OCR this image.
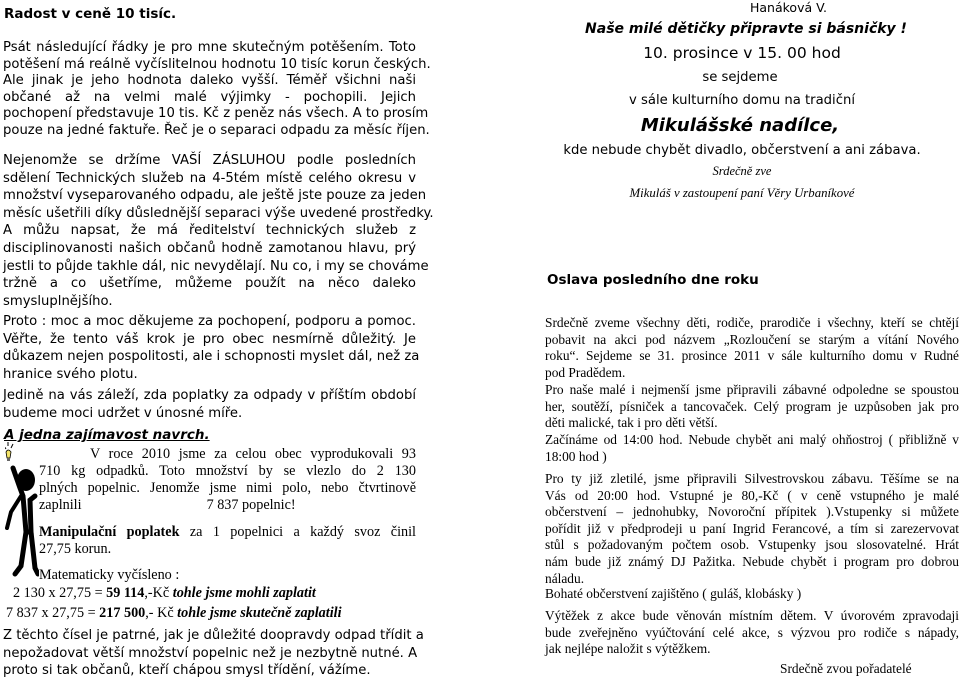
Radost v ceně 10 tisíc.
Psát následující řádky je pro mne skutečným potěšením. Toto
potěšení má reálně vyčíslitelnou hodnotu 10 tisíc korun českých.
Ale jinak je jeho hodnota daleko vyšší. Téměř všichni naši
občané až na velmi malé výjimky - pochopili. Jejich
pochopení představuje 10 tis. Kč z peněz nás všech. A to prosím
pouze na jedné faktuře. Řeč je o separaci odpadu za měsíc říjen.
Nejenomže se držíme VAŠÍ ZÁSLUHOU podle posledních
sdělení Technických služeb na 4-5tém místě celého okresu v
množství vyseparovaného odpadu, ale ještě jste pouze za jeden
měsíc ušetřili díky důslednější separaci výše uvedené prostředky.
A můžu napsat, že má ředitelství technických služeb z
disciplinovanosti našich občanů hodně zamotanou hlavu, prý
jestli to půjde takhle dál, nic nevydělají. Nu co, i my se chováme
tržně a co ušetříme, můžeme použít na něco daleko
smysluplnějšího.
Proto : moc a moc děkujeme za pochopení, podporu a pomoc.
Věřte, že tento váš krok je pro obec nesmírně důležitý. Je
důkazem nejen pospolitosti, ale i schopnosti myslet dál, než za
hranice svého plotu.
Jedině na vás záleží, zda poplatky za odpady v příštím období
budeme moci udržet v únosné míře.
A jedna zajímavost navrch.
V roce 2010 jsme za celou obec vyprodukovali 93
710 kg odpadků. Toto množství by se vlezlo do 2 130
plných popelnic. Jenomže jsme nimi polo, nebo čtvrtinově
zaplnili	7 837 popelnic!
Manipulační poplatek za 1 popelnici a každý svoz činil
27,75 korun.
Matematicky vyčísleno :
2 130 x 27,75 = 59 114,-Kč tohle jsme mohli zaplatit
7 837 x 27,75 = 217 500,- Kč tohle jsme skutečně zaplatili
Z těchto čísel je patrné, jak je důležité doopravdy odpad třídit a
nepožadovat větší množství popelnic než je nezbytně nutné. A
proto si tak občanů, kteří chápou smysl třídění, vážíme.
Hanáková V.
Naše milé dětičky připravte si básničky !
10. prosince v 15. 00 hod
se sejdeme
v sále kulturního domu na tradiční
Mikulášské nadílce,
kde nebude chybět divadlo, občerstvení a ani zábava.
Srdečně zve
Mikuláš v zastoupení paní Věry Urbaníkové
Oslava posledního dne roku
Srdečně zveme všechny děti, rodiče, prarodiče i všechny, kteří se chtějí
pobavit na akci pod názvem „Rozloučení se starým a vítání Nového
roku“. Sejdeme se 31. prosince 2011 v sále kulturního domu v Rudné
pod Pradědem.
Pro naše malé i nejmenší jsme připravili zábavné odpoledne se spoustou
her, soutěží, písniček a tancovaček. Celý program je uzpůsoben jak pro
děti malické, tak i pro děti větší.
Začínáme od 14:00 hod. Nebude chybět ani malý ohňostroj ( přibližně v
18:00 hod )
Pro ty již zletilé, jsme připravili Silvestrovskou zábavu. Těšíme se na
Vás od 20:00 hod. Vstupné je 80,-Kč ( v ceně vstupného je malé
občerstvení – jednohubky, Novoroční přípitek ).Vstupenky si můžete
pořídit již v předprodeji u paní Ingrid Ferancové, a tím si zarezervovat
stůl s požadovaným počtem osob. Vstupenky jsou slosovatelné. Hrát
nám bude již známý DJ Pažitka. Nebude chybět i program pro dobrou
náladu.
Bohaté občerstvení zajištěno ( guláš, klobásky )
Výtěžek z akce bude věnován místním dětem. V úvorovém zpravodaji
bude zveřejněno vyúčtování celé akce, s výzvou pro rodiče s nápady,
jak nejlépe naložit s výtěžkem.
Srdečně zvou pořadatelé
